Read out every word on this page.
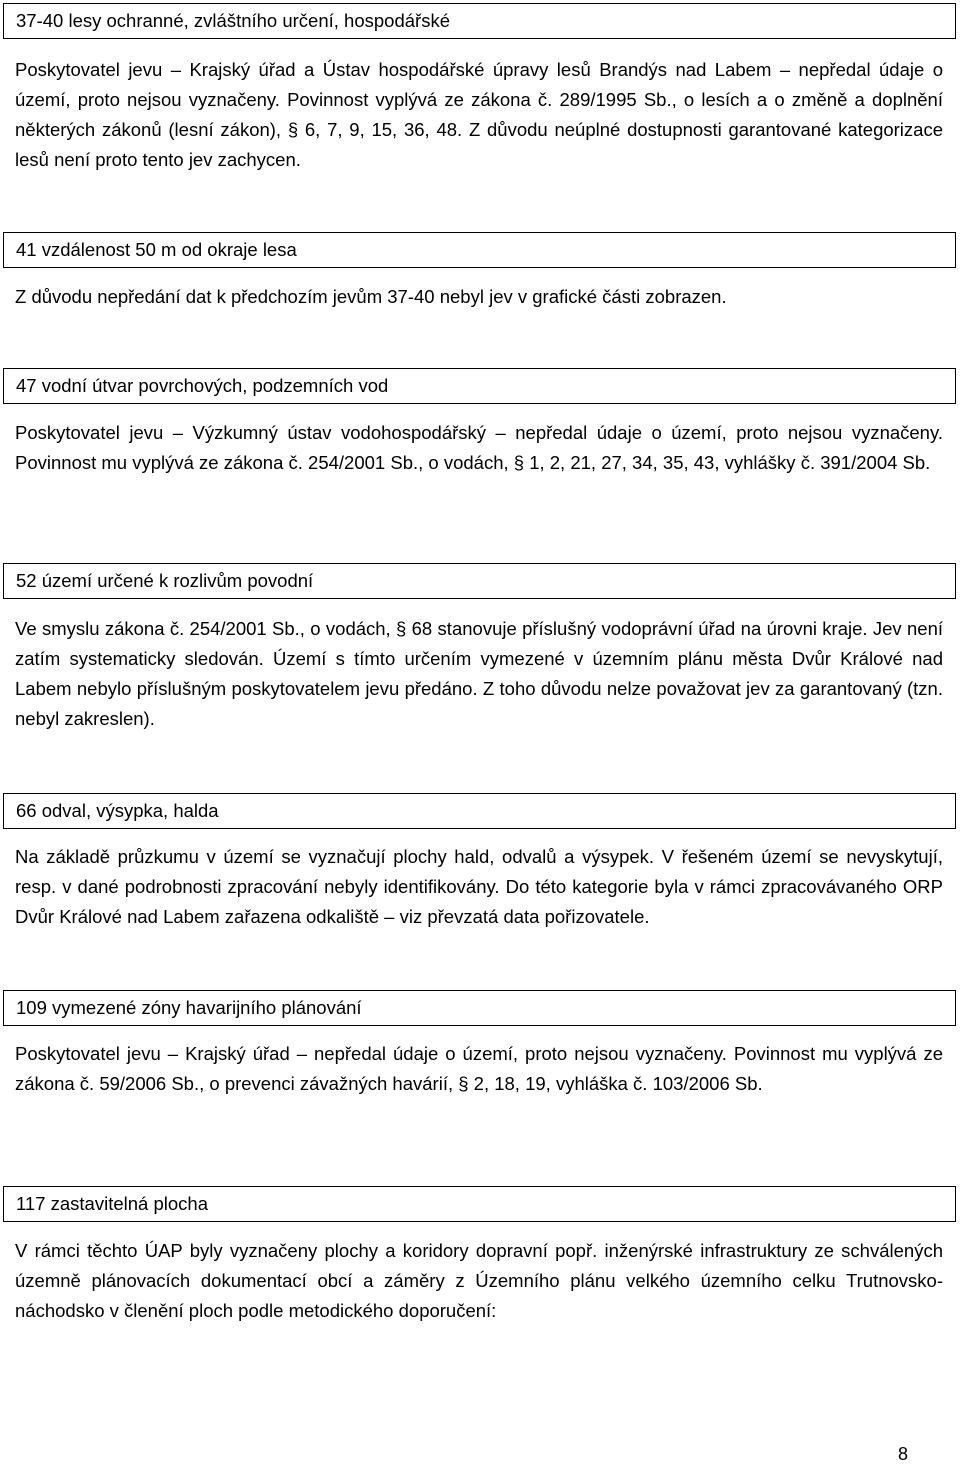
37-40 lesy ochranné, zvláštního určení, hospodářské

Poskytovatel jevu – Krajský úřad a Ústav hospodářské úpravy lesů Brandýs nad Labem – nepředal údaje o území, proto nejsou vyznačeny. Povinnost vyplývá ze zákona č. 289/1995 Sb., o lesích a o změně a doplnění některých zákonů (lesní zákon), § 6, 7, 9, 15, 36, 48. Z důvodu neúplné dostupnosti garantované kategorizace lesů není proto tento jev zachycen.

41 vzdálenost 50 m od okraje lesa

Z důvodu nepředání dat k předchozím jevům 37-40 nebyl jev v grafické části zobrazen.

47 vodní útvar povrchových, podzemních vod

Poskytovatel jevu – Výzkumný ústav vodohospodářský – nepředal údaje o území, proto nejsou vyznačeny. Povinnost mu vyplývá ze zákona č. 254/2001 Sb., o vodách, § 1, 2, 21, 27, 34, 35, 43, vyhlášky č. 391/2004 Sb.

52 území určené k rozlivům povodní

Ve smyslu zákona č. 254/2001 Sb., o vodách, § 68 stanovuje příslušný vodoprávní úřad na úrovni kraje. Jev není zatím systematicky sledován. Území s tímto určením vymezené v územním plánu města Dvůr Králové nad Labem nebylo příslušným poskytovatelem jevu předáno. Z toho důvodu nelze považovat jev za garantovaný (tzn. nebyl zakreslen).

66 odval, výsypka, halda

Na základě průzkumu v území se vyznačují plochy hald, odvalů a výsypek. V řešeném území se nevyskytují, resp. v dané podrobnosti zpracování nebyly identifikovány. Do této kategorie byla v rámci zpracovávaného ORP Dvůr Králové nad Labem zařazena odkaliště – viz převzatá data pořizovatele.

109 vymezené zóny havarijního plánování

Poskytovatel jevu – Krajský úřad – nepředal údaje o území, proto nejsou vyznačeny. Povinnost mu vyplývá ze zákona č. 59/2006 Sb., o prevenci závažných havárií, § 2, 18, 19, vyhláška č. 103/2006 Sb.

117 zastavitelná plocha

V rámci těchto ÚAP byly vyznačeny plochy a koridory dopravní popř. inženýrské infrastruktury ze schválených územně plánovacích dokumentací obcí a záměry z Územního plánu velkého územního celku Trutnovsko-náchodsko v členění ploch podle metodického doporučení:

8
